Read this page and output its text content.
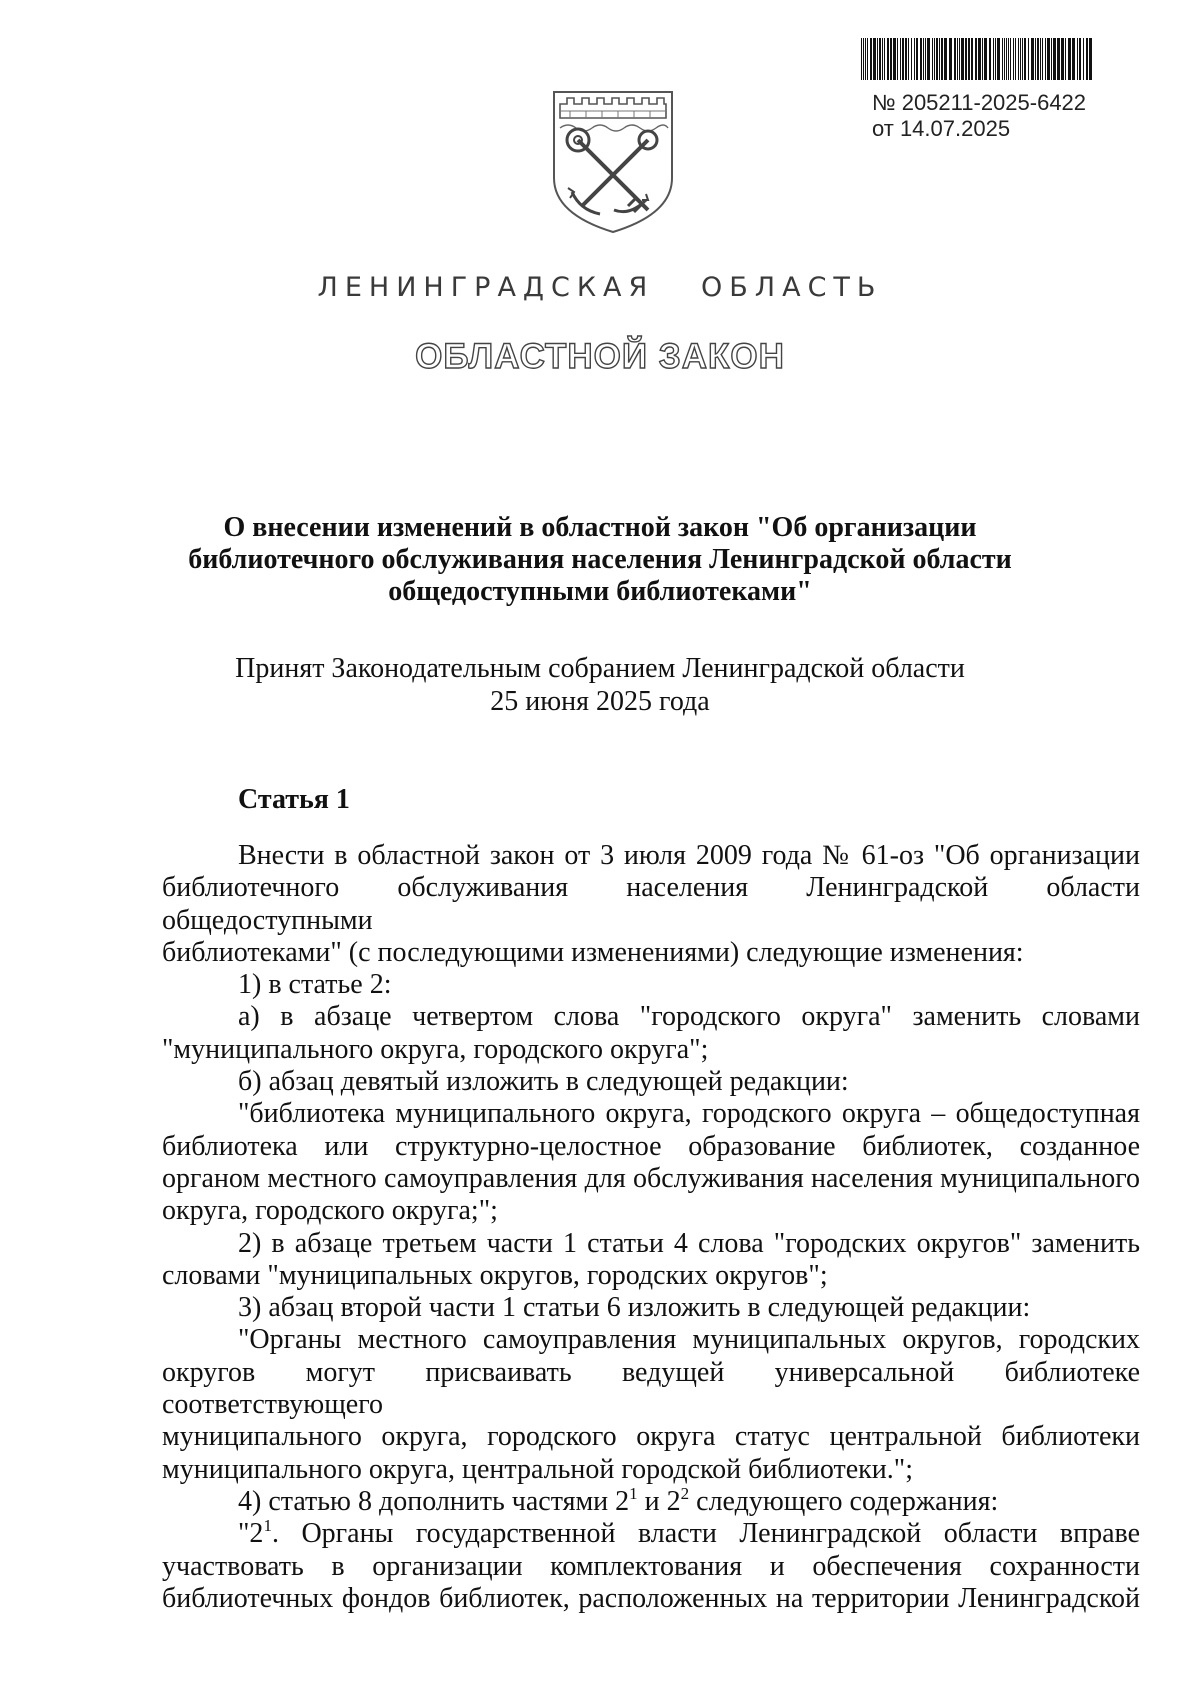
№ 205211-2025-6422
от 14.07.2025
ЛЕНИНГРАДСКАЯ   ОБЛАСТЬ
ОБЛАСТНОЙ ЗАКОН
О внесении изменений в областной закон "Об организации
библиотечного обслуживания населения Ленинградской области
общедоступными библиотеками"
Принят Законодательным собранием Ленинградской области
25 июня 2025 года
Статья 1
Внести в областной закон от 3 июля 2009 года № 61-оз "Об организации
библиотечного обслуживания населения Ленинградской области общедоступными
библиотеками" (с последующими изменениями) следующие изменения:
1) в статье 2:
а) в абзаце четвертом слова "городского округа" заменить словами
"муниципального округа, городского округа";
б) абзац девятый изложить в следующей редакции:
"библиотека муниципального округа, городского округа – общедоступная
библиотека или структурно-целостное образование библиотек, созданное
органом местного самоуправления для обслуживания населения муниципального
округа, городского округа;";
2) в абзаце третьем части 1 статьи 4 слова "городских округов" заменить
словами "муниципальных округов, городских округов";
3) абзац второй части 1 статьи 6 изложить в следующей редакции:
"Органы местного самоуправления муниципальных округов, городских
округов могут присваивать ведущей универсальной библиотеке соответствующего
муниципального округа, городского округа статус центральной библиотеки
муниципального округа, центральной городской библиотеки.";
4) статью 8 дополнить частями $2^1$ и $2^2$ следующего содержания:
"$2^1$. Органы государственной власти Ленинградской области вправе
участвовать в организации комплектования и обеспечения сохранности
библиотечных фондов библиотек, расположенных на территории Ленинградской
